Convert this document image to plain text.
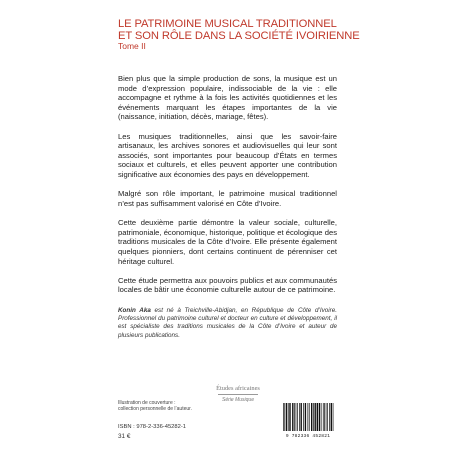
LE PATRIMOINE MUSICAL TRADITIONNEL
ET SON RÔLE DANS LA SOCIÉTÉ IVOIRIENNE
Tome II

Bien plus que la simple production de sons, la musique est un mode d’expression populaire, indissociable de la vie : elle accompagne et rythme à la fois les activités quotidiennes et les événements marquant les étapes importantes de la vie (naissance, initiation, décès, mariage, fêtes).

Les musiques traditionnelles, ainsi que les savoir-faire artisanaux, les archives sonores et audiovisuelles qui leur sont associés, sont importantes pour beaucoup d’États en termes sociaux et culturels, et elles peuvent apporter une contribution significative aux économies des pays en développement.

Malgré son rôle important, le patrimoine musical traditionnel n’est pas suffisamment valorisé en Côte d’Ivoire.

Cette deuxième partie démontre la valeur sociale, culturelle, patrimoniale, économique, historique, politique et écologique des traditions musicales de la Côte d’Ivoire. Elle présente également quelques pionniers, dont certains continuent de pérenniser cet héritage culturel.

Cette étude permettra aux pouvoirs publics et aux communautés locales de bâtir une économie culturelle autour de ce patrimoine.

Konin Aka est né à Treichville-Abidjan, en République de Côte d’Ivoire. Professionnel du patrimoine culturel et docteur en culture et développement, il est spécialiste des traditions musicales de la Côte d’Ivoire et auteur de plusieurs publications.
Études africaines
Série Musique
Illustration de couverture :
collection personnelle de l’auteur.
ISBN : 978-2-336-45282-1
31 €	9 782336 452821
